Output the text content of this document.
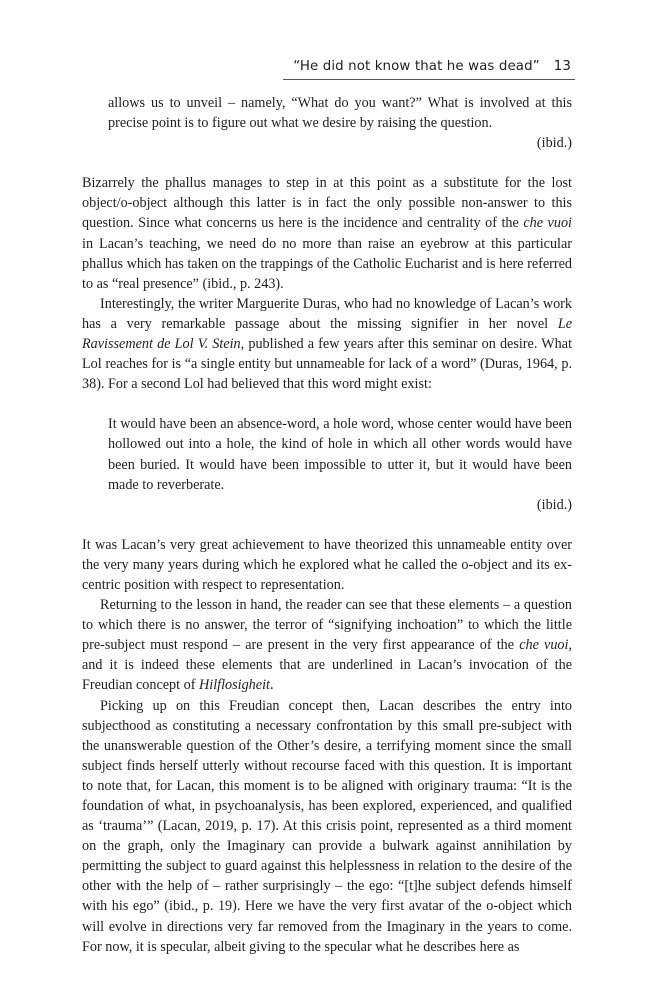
“He did not know that he was dead” 13

allows us to unveil – namely, “What do you want?” What is involved at this precise point is to figure out what we desire by raising the question.

(ibid.)

Bizarrely the phallus manages to step in at this point as a substitute for the lost object/o-object although this latter is in fact the only possible non-answer to this question. Since what concerns us here is the incidence and centrality of the che vuoi in Lacan’s teaching, we need do no more than raise an eyebrow at this particular phallus which has taken on the trappings of the Catholic Eucharist and is here referred to as “real presence” (ibid., p. 243).

Interestingly, the writer Marguerite Duras, who had no knowledge of Lacan’s work has a very remarkable passage about the missing signifier in her novel Le Ravissement de Lol V. Stein, published a few years after this seminar on desire. What Lol reaches for is “a single entity but unnameable for lack of a word” (Duras, 1964, p. 38). For a second Lol had believed that this word might exist:

It would have been an absence-word, a hole word, whose center would have been hollowed out into a hole, the kind of hole in which all other words would have been buried. It would have been impossible to utter it, but it would have been made to reverberate.

(ibid.)

It was Lacan’s very great achievement to have theorized this unnameable entity over the very many years during which he explored what he called the o-object and its ex-centric position with respect to representation.

Returning to the lesson in hand, the reader can see that these elements – a question to which there is no answer, the terror of “signifying inchoation” to which the little pre-subject must respond – are present in the very first appearance of the che vuoi, and it is indeed these elements that are underlined in Lacan’s invocation of the Freudian concept of Hilflosigheit.

Picking up on this Freudian concept then, Lacan describes the entry into subjecthood as constituting a necessary confrontation by this small pre-subject with the unanswerable question of the Other’s desire, a terrifying moment since the small subject finds herself utterly without recourse faced with this question. It is important to note that, for Lacan, this moment is to be aligned with originary trauma: “It is the foundation of what, in psychoanalysis, has been explored, experienced, and qualified as ‘trauma’” (Lacan, 2019, p. 17). At this crisis point, represented as a third moment on the graph, only the Imaginary can provide a bulwark against annihilation by permitting the subject to guard against this helplessness in relation to the desire of the other with the help of – rather surprisingly – the ego: “[t]he subject defends himself with his ego” (ibid., p. 19). Here we have the very first avatar of the o-object which will evolve in directions very far removed from the Imaginary in the years to come. For now, it is specular, albeit giving to the specular what he describes here as
